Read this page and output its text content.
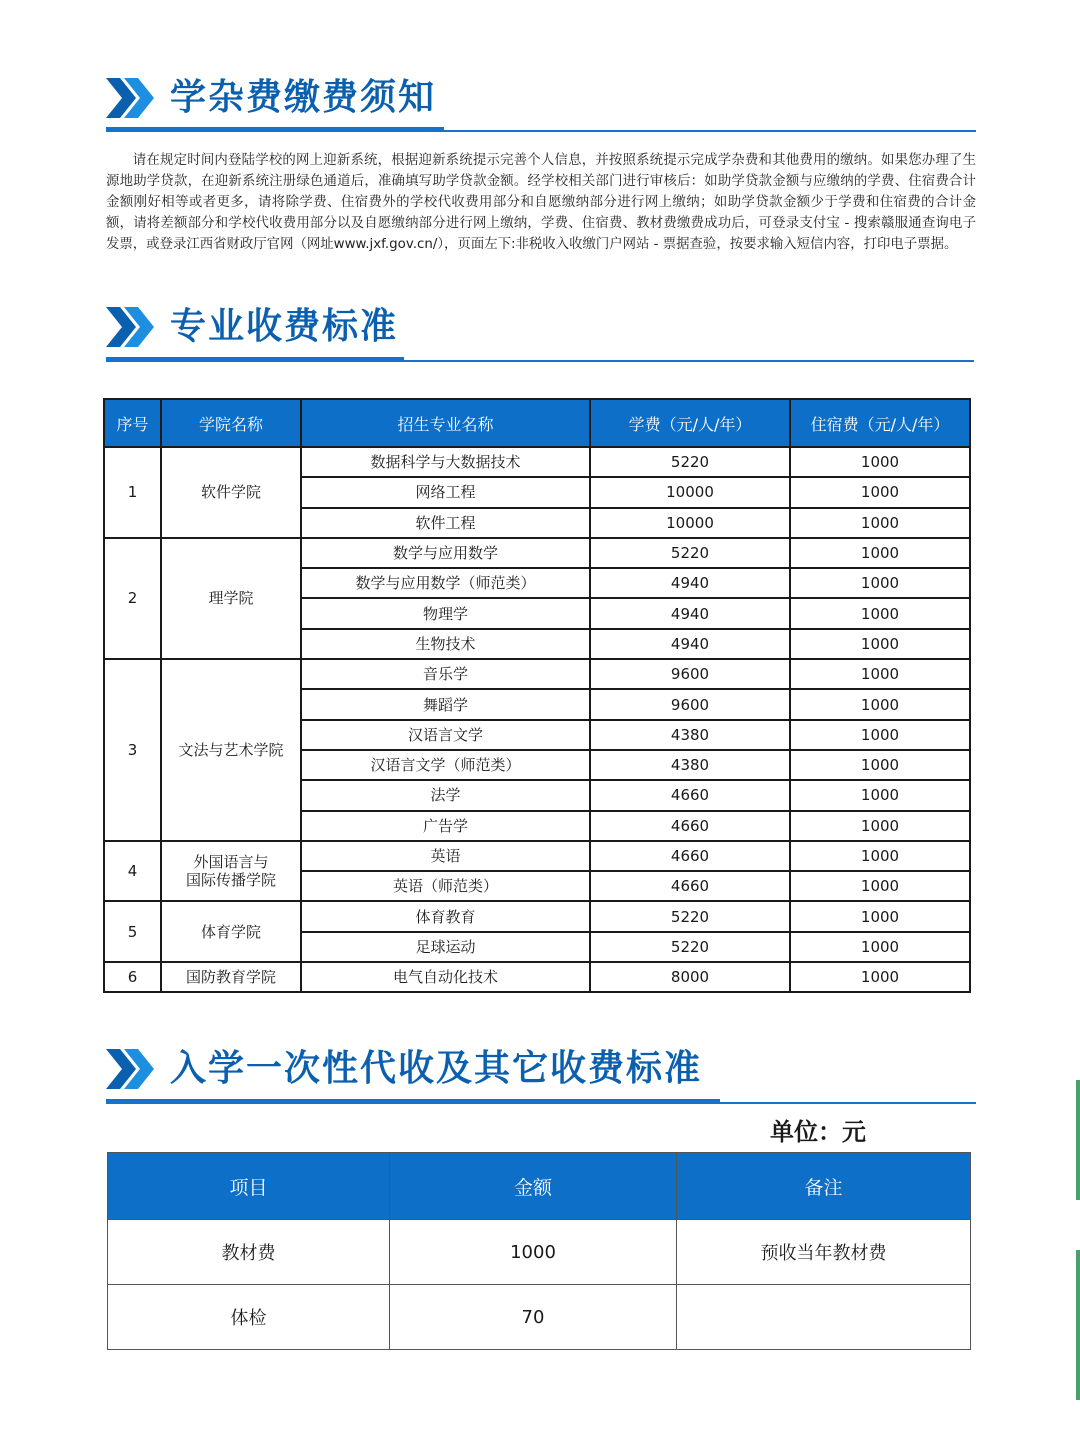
学杂费缴费须知

请在规定时间内登陆学校的网上迎新系统，根据迎新系统提示完善个人信息，并按照系统提示完成学杂费和其他费用的缴纳。如果您办理了生源地助学贷款，在迎新系统注册绿色通道后，准确填写助学贷款金额。经学校相关部门进行审核后：如助学贷款金额与应缴纳的学费、住宿费合计金额刚好相等或者更多，请将除学费、住宿费外的学校代收费用部分和自愿缴纳部分进行网上缴纳；如助学贷款金额少于学费和住宿费的合计金额，请将差额部分和学校代收费用部分以及自愿缴纳部分进行网上缴纳，学费、住宿费、教材费缴费成功后，可登录支付宝 - 搜索赣服通查询电子发票，或登录江西省财政厅官网（网址www.jxf.gov.cn/），页面左下:非税收入收缴门户网站 - 票据查验，按要求输入短信内容，打印电子票据。

专业收费标准
序号	学院名称	招生专业名称	学费（元/人/年）	住宿费（元/人/年）
1	软件学院	数据科学与大数据技术	5220	1000
		网络工程	10000	1000
		软件工程	10000	1000
2	理学院	数学与应用数学	5220	1000
		数学与应用数学（师范类）	4940	1000
		物理学	4940	1000
		生物技术	4940	1000
3	文法与艺术学院	音乐学	9600	1000
		舞蹈学	9600	1000
		汉语言文学	4380	1000
		汉语言文学（师范类）	4380	1000
		法学	4660	1000
		广告学	4660	1000
4	外国语言与
国际传播学院	英语	4660	1000
		英语（师范类）	4660	1000
5	体育学院	体育教育	5220	1000
		足球运动	5220	1000
6	国防教育学院	电气自动化技术	8000	1000
入学一次性代收及其它收费标准
单位：元
项目	金额	备注
教材费	1000	预收当年教材费
体检	70	
